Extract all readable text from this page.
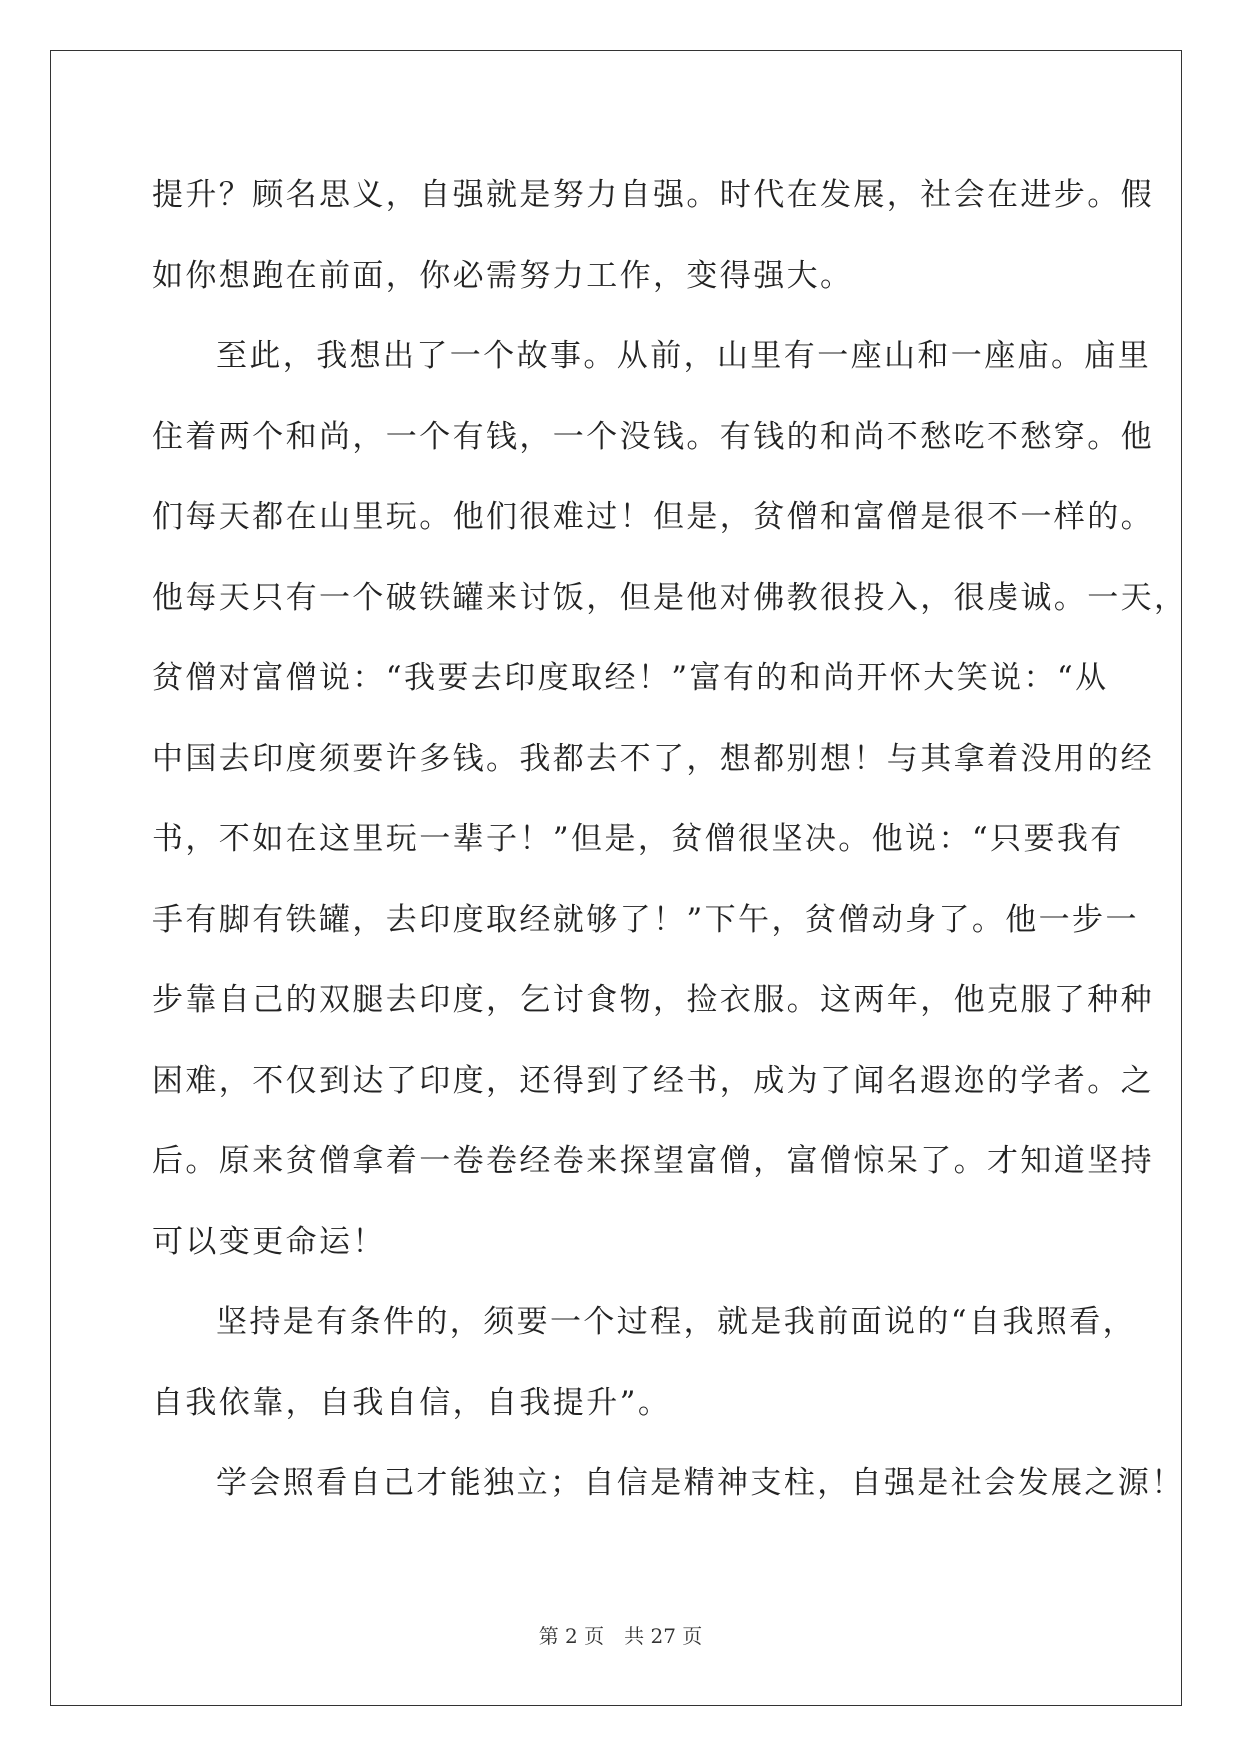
提升？顾名思义，自强就是努力自强。时代在发展，社会在进步。假
如你想跑在前面，你必需努力工作，变得强大。
至此，我想出了一个故事。从前，山里有一座山和一座庙。庙里
住着两个和尚，一个有钱，一个没钱。有钱的和尚不愁吃不愁穿。他
们每天都在山里玩。他们很难过！但是，贫僧和富僧是很不一样的。
他每天只有一个破铁罐来讨饭，但是他对佛教很投入，很虔诚。一天，
贫僧对富僧说：“我要去印度取经！”富有的和尚开怀大笑说：“从
中国去印度须要许多钱。我都去不了，想都别想！与其拿着没用的经
书，不如在这里玩一辈子！”但是，贫僧很坚决。他说：“只要我有
手有脚有铁罐，去印度取经就够了！”下午，贫僧动身了。他一步一
步靠自己的双腿去印度，乞讨食物，捡衣服。这两年，他克服了种种
困难，不仅到达了印度，还得到了经书，成为了闻名遐迩的学者。之
后。原来贫僧拿着一卷卷经卷来探望富僧，富僧惊呆了。才知道坚持
可以变更命运！
坚持是有条件的，须要一个过程，就是我前面说的“自我照看，
自我依靠，自我自信，自我提升”。
学会照看自己才能独立；自信是精神支柱，自强是社会发展之源！
第 2 页　共 27 页
